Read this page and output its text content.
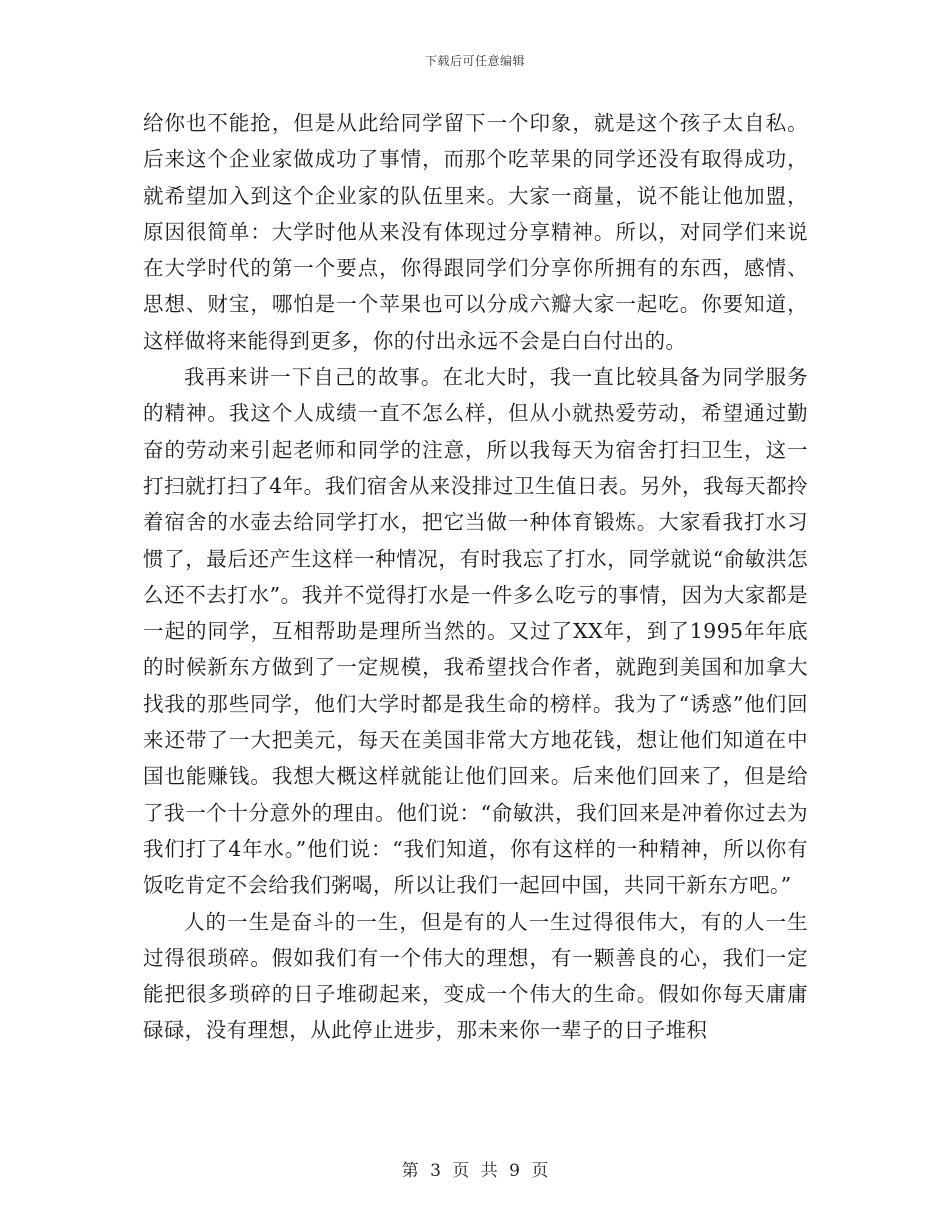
下载后可任意编辑

给你也不能抢，但是从此给同学留下一个印象，就是这个孩子太自私。后来这个企业家做成功了事情，而那个吃苹果的同学还没有取得成功，就希望加入到这个企业家的队伍里来。大家一商量，说不能让他加盟，原因很简单：大学时他从来没有体现过分享精神。所以，对同学们来说在大学时代的第一个要点，你得跟同学们分享你所拥有的东西，感情、思想、财宝，哪怕是一个苹果也可以分成六瓣大家一起吃。你要知道，这样做将来能得到更多，你的付出永远不会是白白付出的。

我再来讲一下自己的故事。在北大时，我一直比较具备为同学服务的精神。我这个人成绩一直不怎么样，但从小就热爱劳动，希望通过勤奋的劳动来引起老师和同学的注意，所以我每天为宿舍打扫卫生，这一打扫就打扫了4年。我们宿舍从来没排过卫生值日表。另外，我每天都拎着宿舍的水壶去给同学打水，把它当做一种体育锻炼。大家看我打水习惯了，最后还产生这样一种情况，有时我忘了打水，同学就说“俞敏洪怎么还不去打水”。我并不觉得打水是一件多么吃亏的事情，因为大家都是一起的同学，互相帮助是理所当然的。又过了XX年，到了1995年年底的时候新东方做到了一定规模，我希望找合作者，就跑到美国和加拿大找我的那些同学，他们大学时都是我生命的榜样。我为了“诱惑”他们回来还带了一大把美元，每天在美国非常大方地花钱，想让他们知道在中国也能赚钱。我想大概这样就能让他们回来。后来他们回来了，但是给了我一个十分意外的理由。他们说：“俞敏洪，我们回来是冲着你过去为我们打了4年水。”他们说：“我们知道，你有这样的一种精神，所以你有饭吃肯定不会给我们粥喝，所以让我们一起回中国，共同干新东方吧。”

人的一生是奋斗的一生，但是有的人一生过得很伟大，有的人一生过得很琐碎。假如我们有一个伟大的理想，有一颗善良的心，我们一定能把很多琐碎的日子堆砌起来，变成一个伟大的生命。假如你每天庸庸碌碌，没有理想，从此停止进步，那未来你一辈子的日子堆积

第 3 页 共 9 页
